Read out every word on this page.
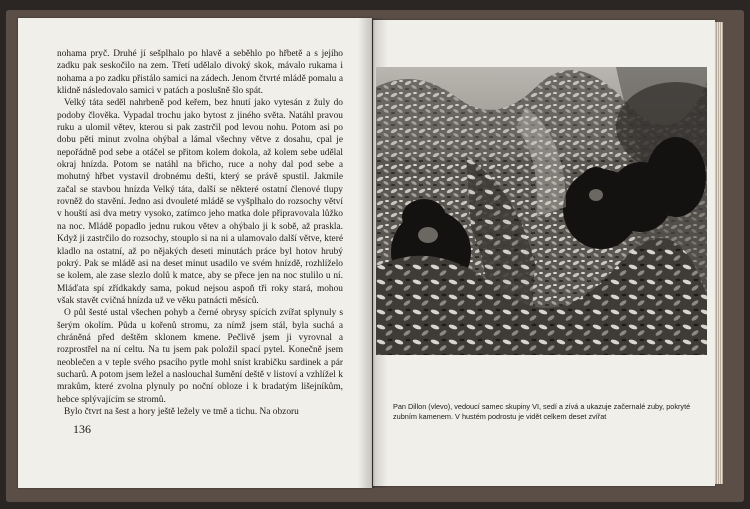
nohama pryč. Druhé jí sešplhalo po hlavě a seběhlo po hřbetě a s jejího zadku pak seskočilo na zem. Třetí udělalo divoký skok, mávalo rukama i nohama a po zadku přistálo samici na zádech. Jenom čtvrté mládě pomalu a klidně následovalo samici v patách a poslušně šlo spát.

Velký táta seděl nahrbeně pod keřem, bez hnutí jako vytesán z žuly do podoby člověka. Vypadal trochu jako bytost z jiného světa. Natáhl pravou ruku a ulomil větev, kterou si pak zastrčil pod levou nohu. Potom asi po dobu pěti minut zvolna ohýbal a lámal všechny větve z dosahu, cpal je nepořádně pod sebe a otáčel se přitom kolem dokola, až kolem sebe udělal okraj hnízda. Potom se natáhl na břicho, ruce a nohy dal pod sebe a mohutný hřbet vystavil drobnému dešti, který se právě spustil. Jakmile začal se stavbou hnízda Velký táta, další se některé ostatní členové tlupy rovněž do stavění. Jedno asi dvouleté mládě se vyšplhalo do rozsochy větví v houští asi dva metry vysoko, zatímco jeho matka dole připravovala lůžko na noc. Mládě popadlo jednu rukou větev a ohýbalo ji k sobě, až praskla. Když ji zastrčilo do rozsochy, stouplo si na ni a ulamovalo další větve, které kladlo na ostatní, až po nějakých deseti minutách práce byl hotov hrubý pokrý. Pak se mládě asi na deset minut usadilo ve svém hnízdě, rozhlíželo se kolem, ale zase slezlo dolů k matce, aby se přece jen na noc stulilo u ní. Mláďata spí zřídkakdy sama, pokud nejsou aspoň tři roky stará, mohou však stavět cvičná hnízda už ve věku patnácti měsíců.

O půl šesté ustal všechen pohyb a černé obrysy spících zvířat splynuly s šerým okolím. Půda u kořenů stromu, za nímž jsem stál, byla suchá a chráněná před deštěm sklonem kmene. Pečlivě jsem ji vyrovnal a rozprostřel na ní celtu. Na tu jsem pak položil spací pytel. Konečně jsem neoblečen a v teple svého psacího pytle mohl sníst krabičku sardinek a pár sucharů. A potom jsem ležel a naslouchal šumění deště v listoví a vzhlížel k mrakům, které zvolna plynuly po noční obloze i k bradatým lišejníkům, hebce splývajícím se stromů.

Bylo čtvrt na šest a hory ještě ležely ve tmě a tichu. Na obzoru

136
Pan Dillon (vlevo), vedoucí samec skupiny VI, sedí a zívá a ukazuje začernalé zuby, pokryté zubním kamenem. V hustém podrostu je vidět celkem deset zvířat
